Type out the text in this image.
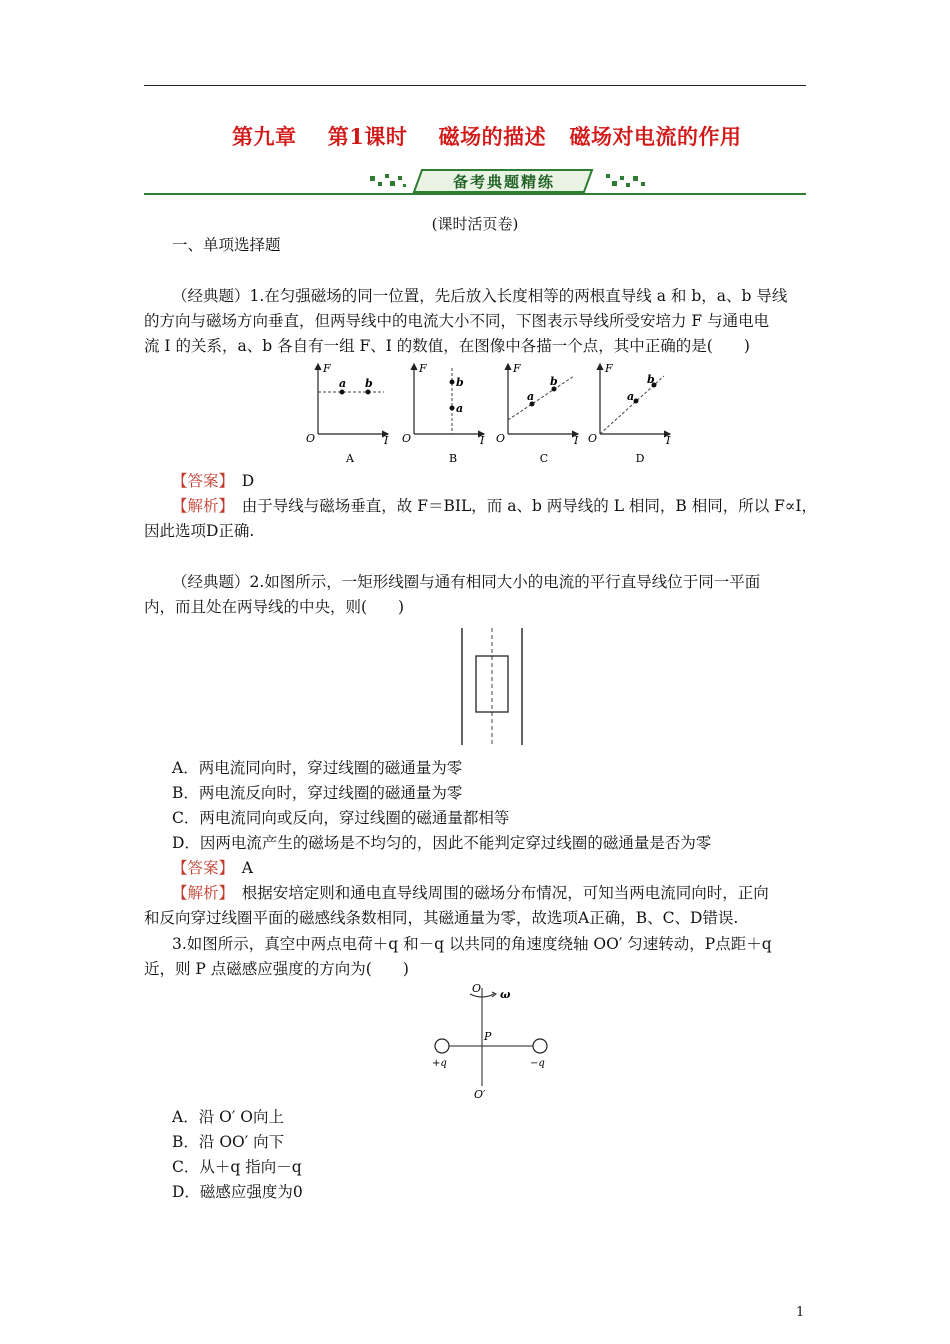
第九章    第1课时    磁场的描述   磁场对电流的作用
备考典题精练
(课时活页卷)
一、单项选择题
（经典题）1.在匀强磁场的同一位置，先后放入长度相等的两根直导线 a 和 b，a、b 导线
的方向与磁场方向垂直，但两导线中的电流大小不同，下图表示导线所受安培力 F 与通电电
流 I 的关系，a、b 各自有一组 F、I 的数值，在图像中各描一个点，其中正确的是(　　)
F
I
O
a b
A
F
I
O
b
a
B
F
I
O
a
b
C
F
I
O
a
b
D
【答案】　 D
【解析】　 由于导线与磁场垂直，故 F＝BIL，而 a、b 两导线的 L 相同，B 相同，所以 F∝I，
因此选项D正确.
（经典题）2.如图所示，一矩形线圈与通有相同大小的电流的平行直导线位于同一平面
内，而且处在两导线的中央，则(　　)
A．两电流同向时，穿过线圈的磁通量为零
B．两电流反向时，穿过线圈的磁通量为零
C．两电流同向或反向，穿过线圈的磁通量都相等
D．因两电流产生的磁场是不均匀的，因此不能判定穿过线圈的磁通量是否为零
【答案】　 A
【解析】　 根据安培定则和通电直导线周围的磁场分布情况，可知当两电流同向时，正向
和反向穿过线圈平面的磁感线条数相同，其磁通量为零，故选项A正确，B、C、D错误.
3.如图所示，真空中两点电荷＋q 和－q 以共同的角速度绕轴 OO′ 匀速转动，P点距＋q
近，则 P 点磁感应强度的方向为(　　)
O ω
P
+q	−q
O′
A．沿 O′ O向上
B．沿 OO′ 向下
C．从＋q 指向－q
D．磁感应强度为0
1
